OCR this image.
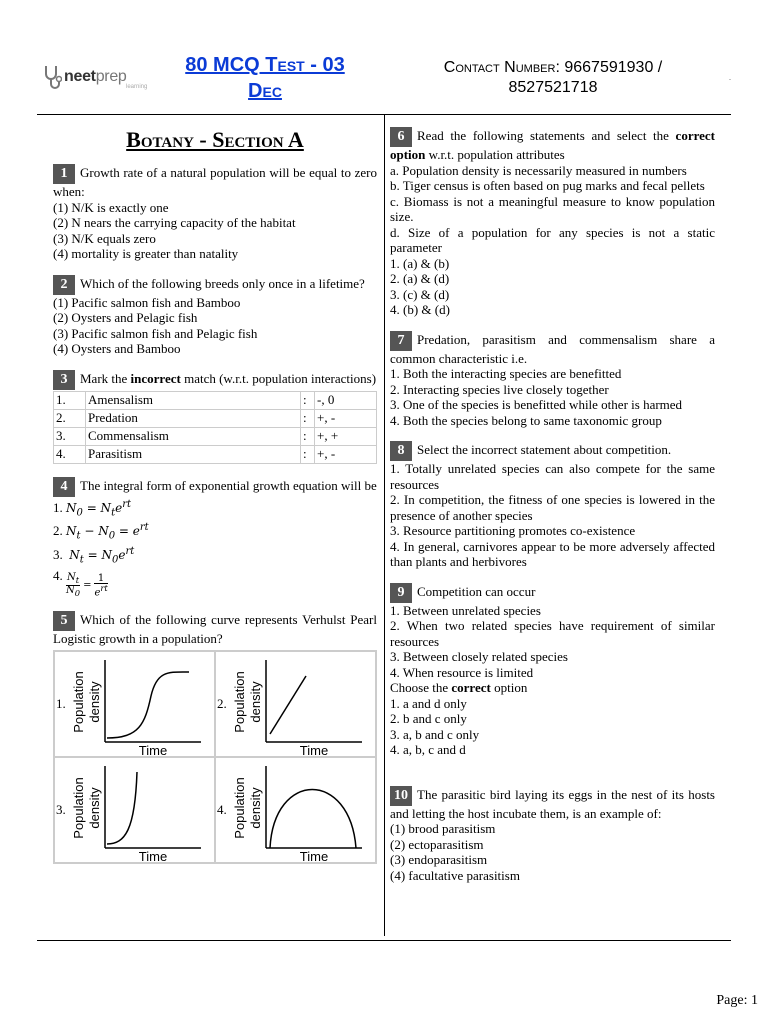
neetprep
learning
80 MCQ Test - 03
Dec
Contact Number: 9667591930 /
8527521718
.
Botany - Section A
1 Growth rate of a natural population will be equal to zero when:
(1) N/K is exactly one
(2) N nears the carrying capacity of the habitat
(3) N/K equals zero
(4) mortality is greater than natality
2 Which of the following breeds only once in a lifetime?
(1) Pacific salmon fish and Bamboo
(2) Oysters and Pelagic fish
(3) Pacific salmon fish and Pelagic fish
(4) Oysters and Bamboo
3 Mark the incorrect match (w.r.t. population interactions)
1.	Amensalism	:	-, 0
2.	Predation	:	+, -
3.	Commensalism	:	+, +
4.	Parasitism	:	+, -
4 The integral form of exponential growth equation will be
1. $N_0 = N_te^{rt}$
2. $N_t - N_0 = e^{rt}$
3. $N_t = N_0e^{rt}$
4. $\frac{N_t}{N_0}$ =
1
$e^{rt}$
5 Which of the following curve represents Verhulst Pearl Logistic growth in a population?
1. Population density
Time
2. Population density
Time
3. Population density
Time
4. Population density
Time
6 Read the following statements and select the correct option w.r.t. population attributes
a. Population density is necessarily measured in numbers
b. Tiger census is often based on pug marks and fecal pellets
c. Biomass is not a meaningful measure to know population size.
d. Size of a population for any species is not a static parameter
1. (a) & (b)
2. (a) & (d)
3. (c) & (d)
4. (b) & (d)
7 Predation, parasitism and commensalism share a common characteristic i.e.
1. Both the interacting species are benefitted
2. Interacting species live closely together
3. One of the species is benefitted while other is harmed
4. Both the species belong to same taxonomic group
8 Select the incorrect statement about competition.
1. Totally unrelated species can also compete for the same resources
2. In competition, the fitness of one species is lowered in the presence of another species
3. Resource partitioning promotes co-existence
4. In general, carnivores appear to be more adversely affected than plants and herbivores
9 Competition can occur
1. Between unrelated species
2. When two related species have requirement of similar resources
3. Between closely related species
4. When resource is limited
Choose the correct option
1. a and d only
2. b and c only
3. a, b and c only
4. a, b, c and d
10 The parasitic bird laying its eggs in the nest of its hosts and letting the host incubate them, is an example of:
(1) brood parasitism
(2) ectoparasitism
(3) endoparasitism
(4) facultative parasitism
Page: 1
